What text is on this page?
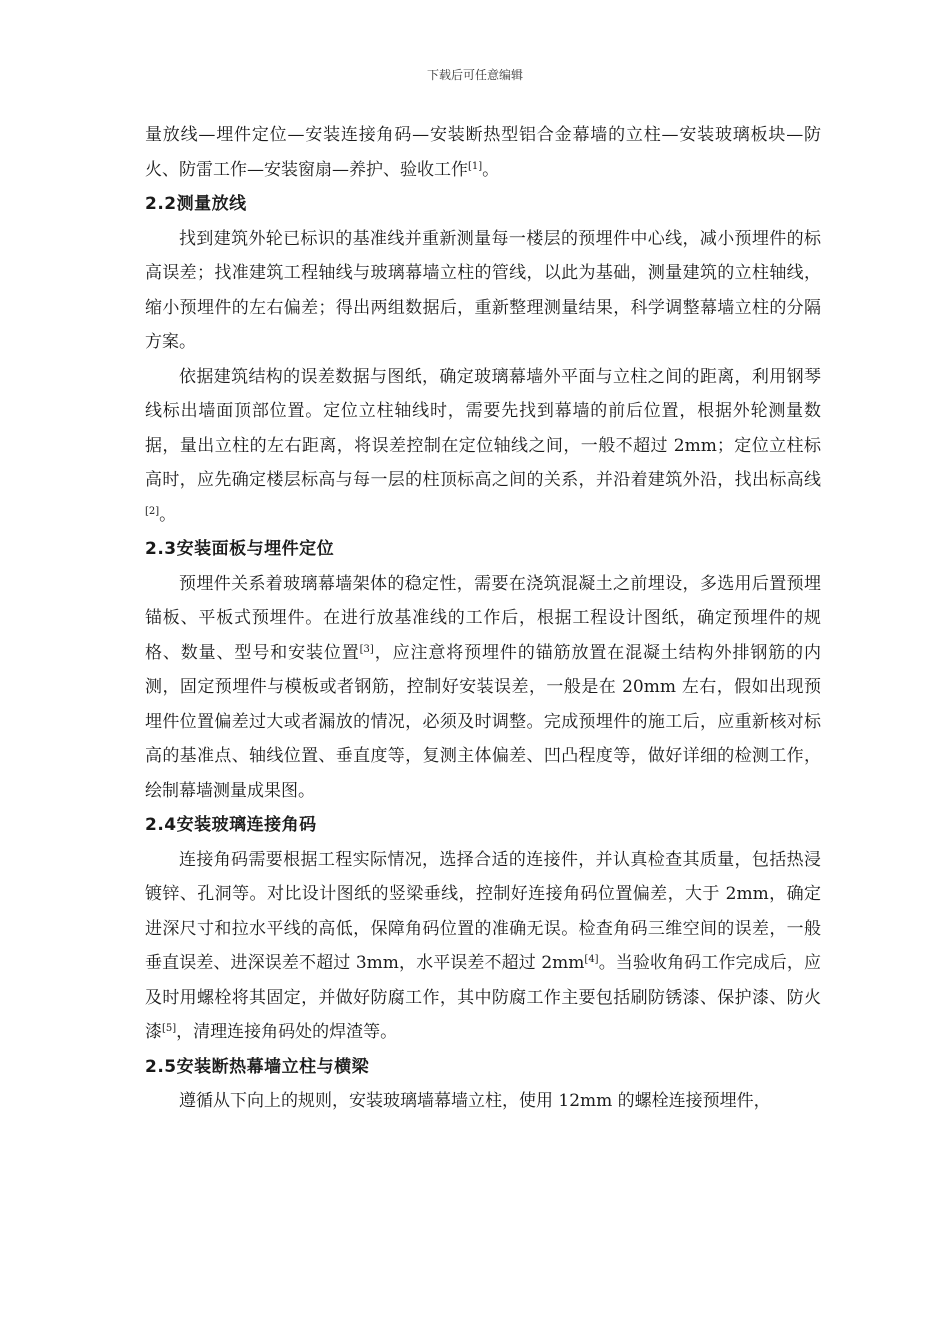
下载后可任意编辑

量放线—埋件定位—安装连接角码—安装断热型铝合金幕墙的立柱—安装玻璃板块—防火、防雷工作—安装窗扇—养护、验收工作[1]。

2.2测量放线

找到建筑外轮已标识的基准线并重新测量每一楼层的预埋件中心线，减小预埋件的标高误差；找准建筑工程轴线与玻璃幕墙立柱的管线，以此为基础，测量建筑的立柱轴线，缩小预埋件的左右偏差；得出两组数据后，重新整理测量结果，科学调整幕墙立柱的分隔方案。

依据建筑结构的误差数据与图纸，确定玻璃幕墙外平面与立柱之间的距离，利用钢琴线标出墙面顶部位置。定位立柱轴线时，需要先找到幕墙的前后位置，根据外轮测量数据，量出立柱的左右距离，将误差控制在定位轴线之间，一般不超过 2mm；定位立柱标高时，应先确定楼层标高与每一层的柱顶标高之间的关系，并沿着建筑外沿，找出标高线[2]。

2.3安装面板与埋件定位

预埋件关系着玻璃幕墙架体的稳定性，需要在浇筑混凝土之前埋设，多选用后置预埋锚板、平板式预埋件。在进行放基准线的工作后，根据工程设计图纸，确定预埋件的规格、数量、型号和安装位置[3]，应注意将预埋件的锚筋放置在混凝土结构外排钢筋的内测，固定预埋件与模板或者钢筋，控制好安装误差，一般是在 20mm 左右，假如出现预埋件位置偏差过大或者漏放的情况，必须及时调整。完成预埋件的施工后，应重新核对标高的基准点、轴线位置、垂直度等，复测主体偏差、凹凸程度等，做好详细的检测工作，绘制幕墙测量成果图。

2.4安装玻璃连接角码

连接角码需要根据工程实际情况，选择合适的连接件，并认真检查其质量，包括热浸镀锌、孔洞等。对比设计图纸的竖梁垂线，控制好连接角码位置偏差，大于 2mm，确定进深尺寸和拉水平线的高低，保障角码位置的准确无误。检查角码三维空间的误差，一般垂直误差、进深误差不超过 3mm，水平误差不超过 2mm[4]。当验收角码工作完成后，应及时用螺栓将其固定，并做好防腐工作，其中防腐工作主要包括刷防锈漆、保护漆、防火漆[5]，清理连接角码处的焊渣等。

2.5安装断热幕墙立柱与横梁

遵循从下向上的规则，安装玻璃墙幕墙立柱，使用 12mm 的螺栓连接预埋件，
